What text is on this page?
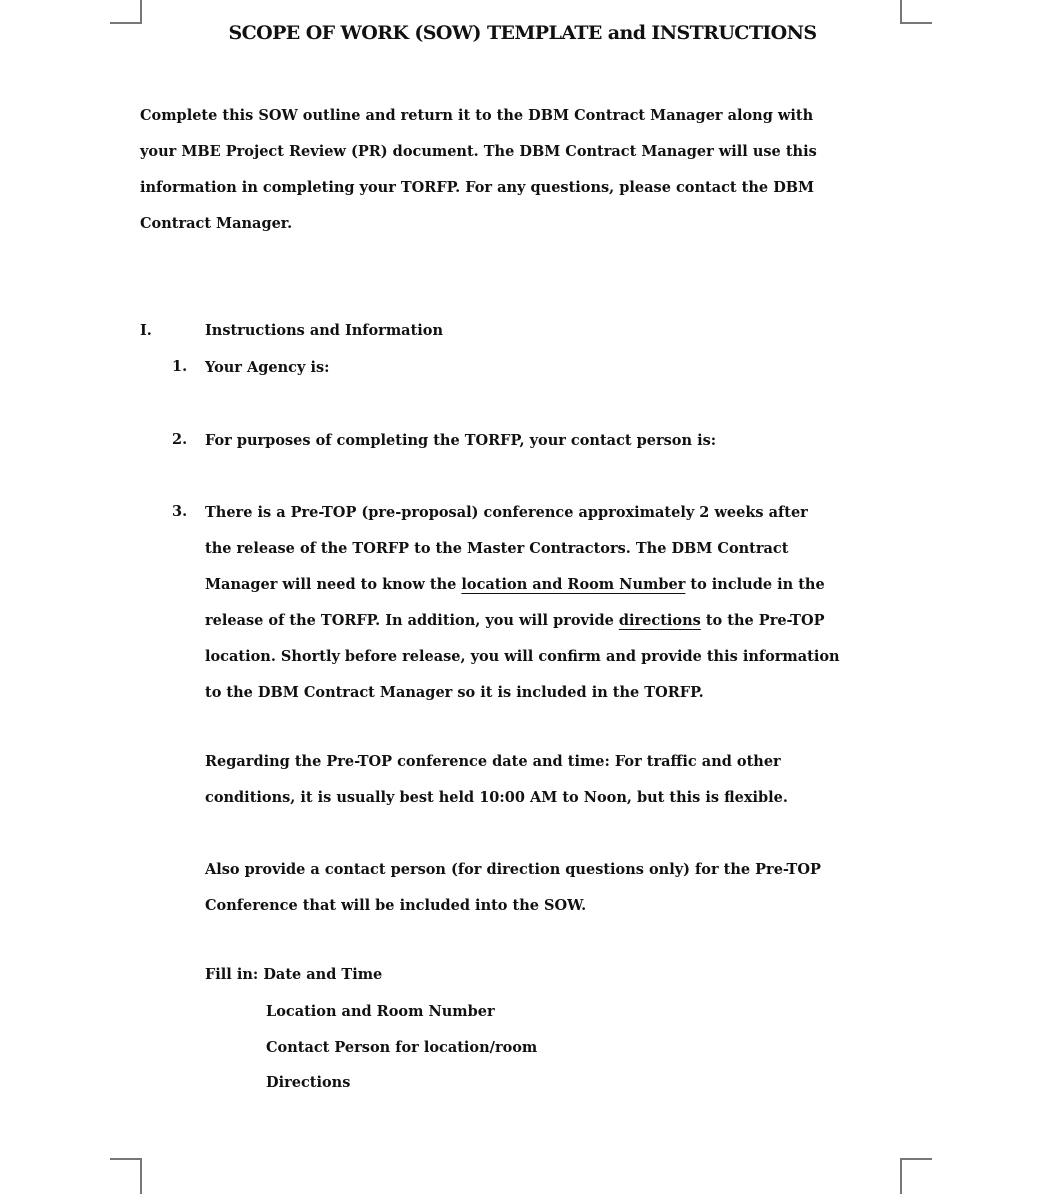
SCOPE OF WORK (SOW) TEMPLATE and INSTRUCTIONS
Complete this SOW outline and return it to the DBM Contract Manager along with
your MBE Project Review (PR) document. The DBM Contract Manager will use this
information in completing your TORFP. For any questions, please contact the DBM
Contract Manager.
I.	Instructions and Information
1. Your Agency is:
2. For purposes of completing the TORFP, your contact person is:
3. There is a Pre-TOP (pre-proposal) conference approximately 2 weeks after
the release of the TORFP to the Master Contractors. The DBM Contract
Manager will need to know the location and Room Number to include in the
release of the TORFP. In addition, you will provide directions to the Pre-TOP
location. Shortly before release, you will confirm and provide this information
to the DBM Contract Manager so it is included in the TORFP.
Regarding the Pre-TOP conference date and time: For traffic and other
conditions, it is usually best held 10:00 AM to Noon, but this is flexible.
Also provide a contact person (for direction questions only) for the Pre-TOP
Conference that will be included into the SOW.
Fill in: Date and Time
Location and Room Number
Contact Person for location/room
Directions
